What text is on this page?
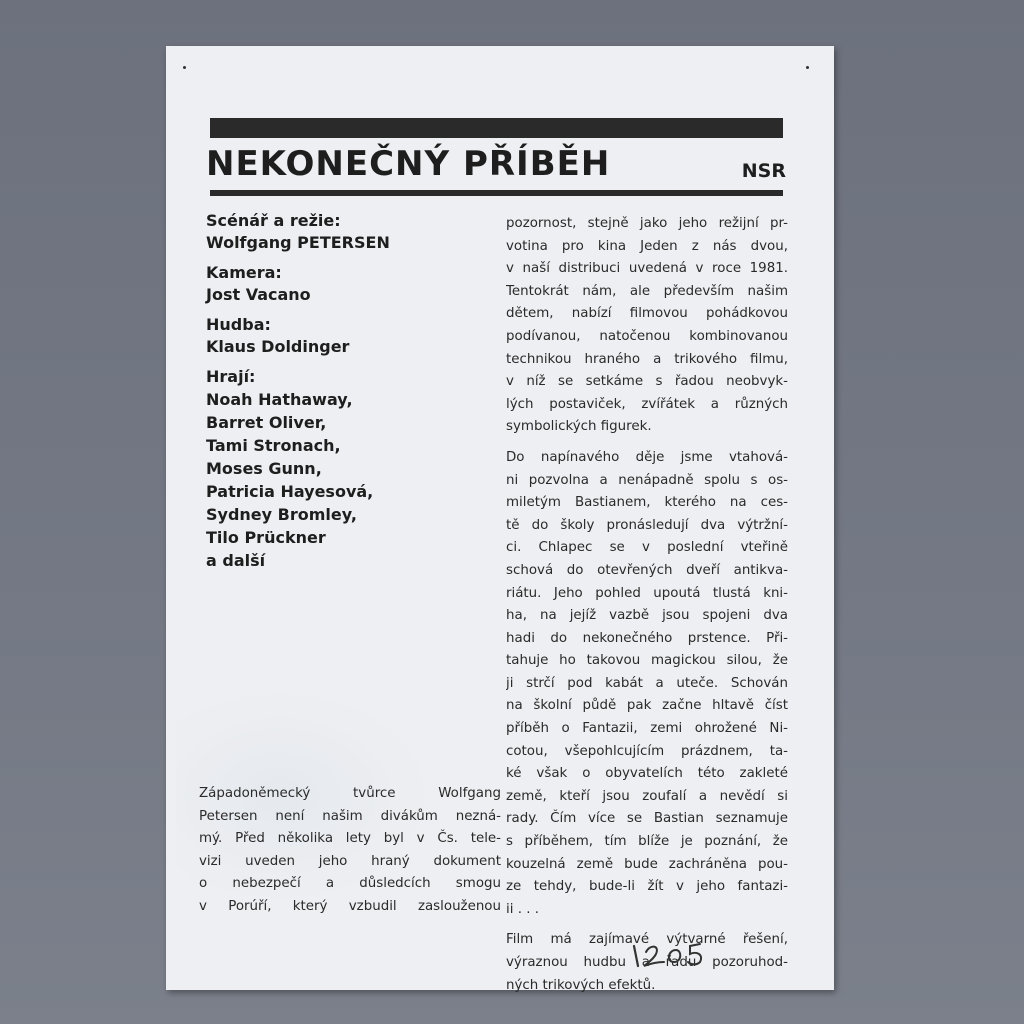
NEKONEČNÝ PŘÍBĚH	NSR
Scénář a režie:
Wolfgang PETERSEN
Kamera:
Jost Vacano
Hudba:
Klaus Doldinger
Hrají:
Noah Hathaway,
Barret Oliver,
Tami Stronach,
Moses Gunn,
Patricia Hayesová,
Sydney Bromley,
Tilo Prückner
a další
Západoněmecký tvůrce Wolfgang
Petersen není našim divákům nezná-
mý. Před několika lety byl v Čs. tele-
vizi uveden jeho hraný dokument
o nebezpečí a důsledcích smogu
v Porúří, který vzbudil zaslouženou
pozornost, stejně jako jeho režijní pr-
votina pro kina Jeden z nás dvou,
v naší distribuci uvedená v roce 1981.
Tentokrát nám, ale především našim
dětem, nabízí filmovou pohádkovou
podívanou, natočenou kombinovanou
technikou hraného a trikového filmu,
v níž se setkáme s řadou neobvyk-
lých postaviček, zvířátek a různých
symbolických figurek.
Do napínavého děje jsme vtahová-
ni pozvolna a nenápadně spolu s os-
miletým Bastianem, kterého na ces-
tě do školy pronásledují dva výtržní-
ci. Chlapec se v poslední vteřině
schová do otevřených dveří antikva-
riátu. Jeho pohled upoutá tlustá kni-
ha, na jejíž vazbě jsou spojeni dva
hadi do nekonečného prstence. Při-
tahuje ho takovou magickou silou, že
ji strčí pod kabát a uteče. Schován
na školní půdě pak začne hltavě číst
příběh o Fantazii, zemi ohrožené Ni-
cotou, všepohlcujícím prázdnem, ta-
ké však o obyvatelích této zakleté
země, kteří jsou zoufalí a nevědí si
rady. Čím více se Bastian seznamuje
s příběhem, tím blíže je poznání, že
kouzelná země bude zachráněna pou-
ze tehdy, bude-li žít v jeho fantazi-
ii . . .
Film má zajímavé výtvarné řešení,
výraznou hudbu a řadu pozoruhod-
ných trikových efektů.
